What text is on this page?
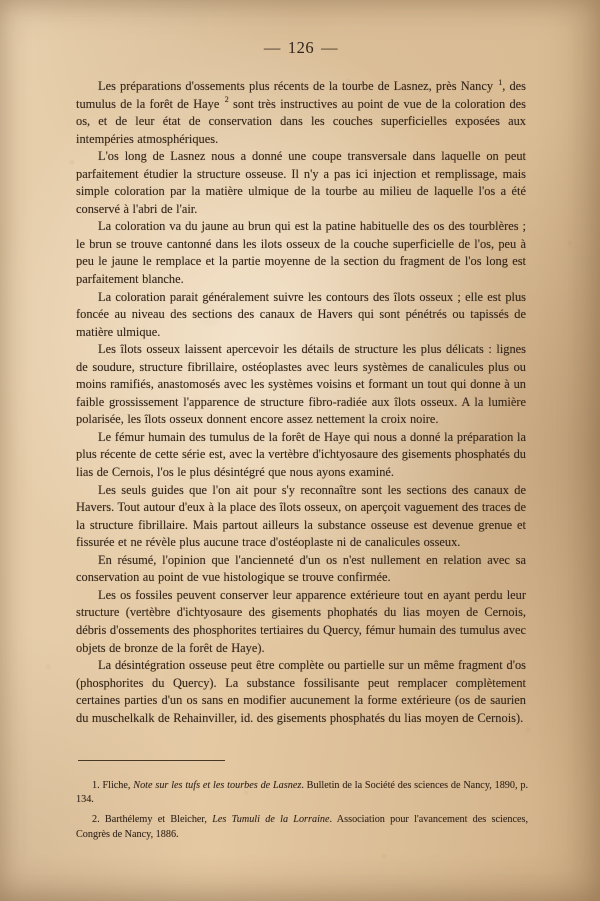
— 126 —

Les préparations d'ossements plus récents de la tourbe de Lasnez, près Nancy $^1$, des tumulus de la forêt de Haye $^2$ sont très instructives au point de vue de la coloration des os, et de leur état de conservation dans les couches superficielles exposées aux intempéries atmosphériques.

L'os long de Lasnez nous a donné une coupe transversale dans laquelle on peut parfaitement étudier la structure osseuse. Il n'y a pas ici injection et remplissage, mais simple coloration par la matière ulmique de la tourbe au milieu de laquelle l'os a été conservé à l'abri de l'air.

La coloration va du jaune au brun qui est la patine habituelle des os des tourblères ; le brun se trouve cantonné dans les ilots osseux de la couche superficielle de l'os, peu à peu le jaune le remplace et la partie moyenne de la section du fragment de l'os long est parfaitement blanche.

La coloration parait généralement suivre les contours des îlots osseux ; elle est plus foncée au niveau des sections des canaux de Havers qui sont pénétrés ou tapissés de matière ulmique.

Les îlots osseux laissent apercevoir les détails de structure les plus délicats : lignes de soudure, structure fibrillaire, ostéoplastes avec leurs systèmes de canalicules plus ou moins ramifiés, anastomosés avec les systèmes voisins et formant un tout qui donne à un faible grossissement l'apparence de structure fibro-radiée aux îlots osseux. A la lumière polarisée, les îlots osseux donnent encore assez nettement la croix noire.

Le fémur humain des tumulus de la forêt de Haye qui nous a donné la préparation la plus récente de cette série est, avec la vertèbre d'ichtyosaure des gisements phosphatés du lias de Cernois, l'os le plus désintégré que nous ayons examiné.

Les seuls guides que l'on ait pour s'y reconnaître sont les sections des canaux de Havers. Tout autour d'eux à la place des îlots osseux, on aperçoit vaguement des traces de la structure fibrillaire. Mais partout ailleurs la substance osseuse est devenue grenue et fissurée et ne révèle plus aucune trace d'ostéoplaste ni de canalicules osseux.

En résumé, l'opinion que l'ancienneté d'un os n'est nullement en relation avec sa conservation au point de vue histologique se trouve confirmée.

Les os fossiles peuvent conserver leur apparence extérieure tout en ayant perdu leur structure (vertèbre d'ichtyosaure des gisements phophatés du lias moyen de Cernois, débris d'ossements des phosphorites tertiaires du Quercy, fémur humain des tumulus avec objets de bronze de la forêt de Haye).

La désintégration osseuse peut être complète ou partielle sur un même fragment d'os (phosphorites du Quercy). La substance fossilisante peut remplacer complètement certaines parties d'un os sans en modifier aucunement la forme extérieure (os de saurien du muschelkalk de Rehainviller, id. des gisements phosphatés du lias moyen de Cernois).

1. Fliche, Note sur les tufs et les tourbes de Lasnez. Bulletin de la Société des sciences de Nancy, 1890, p. 134.

2. Barthélemy et Bleicher, Les Tumuli de la Lorraine. Association pour l'avancement des sciences, Congrès de Nancy, 1886.
